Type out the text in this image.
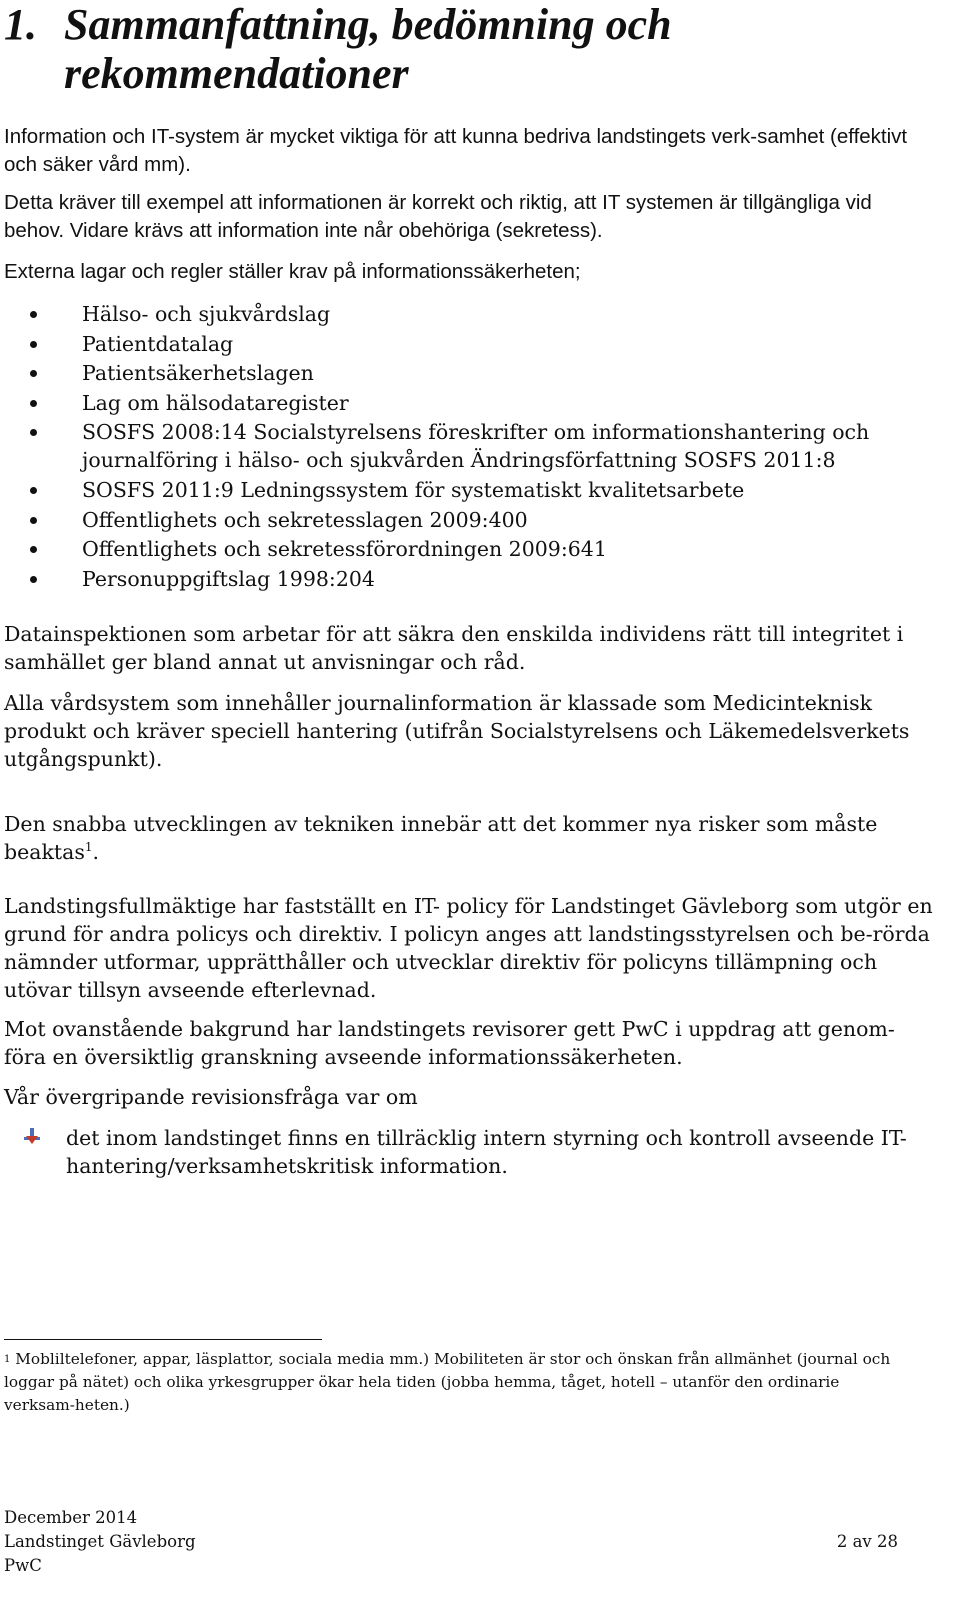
1. Sammanfattning, bedömning och
rekommendationer
Information och IT-system är mycket viktiga för att kunna bedriva landstingets verk-samhet (effektivt och säker vård mm).
Detta kräver till exempel att informationen är korrekt och riktig, att IT systemen är tillgängliga vid behov. Vidare krävs att information inte når obehöriga (sekretess).
Externa lagar och regler ställer krav på informationssäkerheten;
Hälso- och sjukvårdslag
Patientdatalag
Patientsäkerhetslagen
Lag om hälsodataregister
SOSFS 2008:14 Socialstyrelsens föreskrifter om informationshantering och journalföring i hälso- och sjukvården Ändringsförfattning SOSFS 2011:8
SOSFS 2011:9 Ledningssystem för systematiskt kvalitetsarbete
Offentlighets och sekretesslagen 2009:400
Offentlighets och sekretessförordningen 2009:641
Personuppgiftslag 1998:204
Datainspektionen som arbetar för att säkra den enskilda individens rätt till integritet i samhället ger bland annat ut anvisningar och råd.
Alla vårdsystem som innehåller journalinformation är klassade som Medicinteknisk produkt och kräver speciell hantering (utifrån Socialstyrelsens och Läkemedelsverkets utgångspunkt).
Den snabba utvecklingen av tekniken innebär att det kommer nya risker som måste beaktas$^1$.
Landstingsfullmäktige har fastställt en IT- policy för Landstinget Gävleborg som utgör en grund för andra policys och direktiv. I policyn anges att landstingsstyrelsen och be-rörda nämnder utformar, upprätthåller och utvecklar direktiv för policyns tillämpning och utövar tillsyn avseende efterlevnad.
Mot ovanstående bakgrund har landstingets revisorer gett PwC i uppdrag att genom-föra en översiktlig granskning avseende informationssäkerheten.
Vår övergripande revisionsfråga var om
det inom landstinget finns en tillräcklig intern styrning och kontroll avseende IT-hantering/verksamhetskritisk information.
$^1$ Mobliltelefoner, appar, läsplattor, sociala media mm.) Mobiliteten är stor och önskan från allmänhet (journal och loggar på nätet) och olika yrkesgrupper ökar hela tiden (jobba hemma, tåget, hotell – utanför den ordinarie verksam-heten.)
December 2014
Landstinget Gävleborg
PwC
2 av 28
